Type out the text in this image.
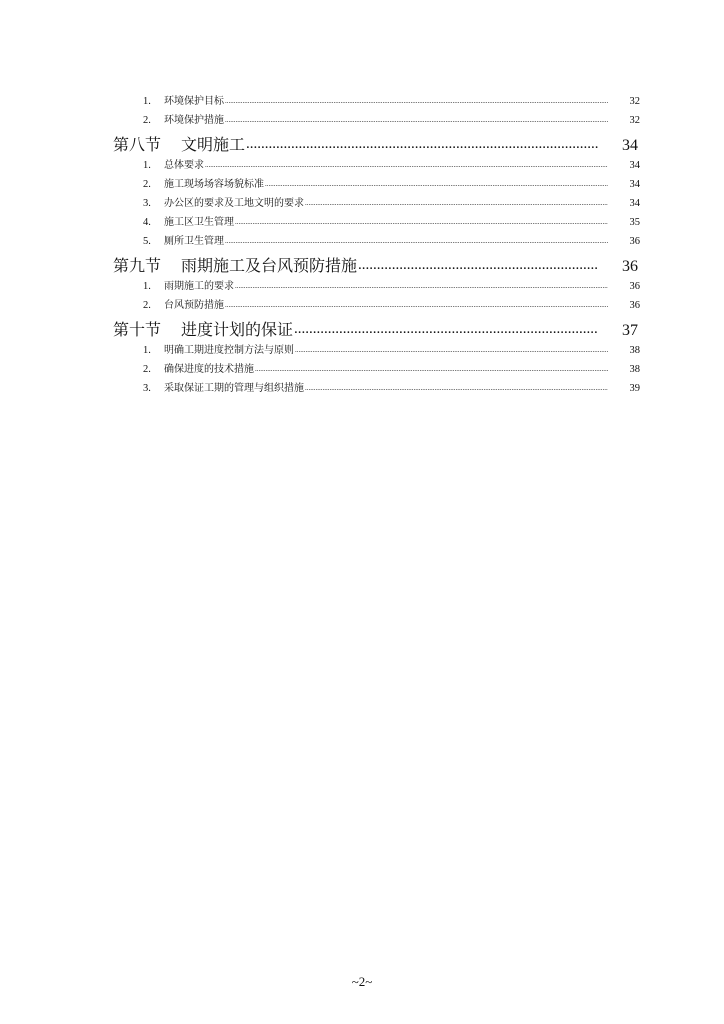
1.	环境保护目标 .....	32
2.	环境保护措施 .....	32
第八节	文明施工 .....	34
1.	总体要求 .....	34
2.	施工现场场容场貌标准 .....	34
3.	办公区的要求及工地文明的要求 .....	34
4.	施工区卫生管理 .....	35
5.	厕所卫生管理 .....	36
第九节	雨期施工及台风预防措施 .....	36
1.	雨期施工的要求 .....	36
2.	台风预防措施 .....	36
第十节	进度计划的保证 .....	37
1.	明确工期进度控制方法与原则 .....	38
2.	确保进度的技术措施 .....	38
3.	采取保证工期的管理与组织措施 .....	39
~2~
